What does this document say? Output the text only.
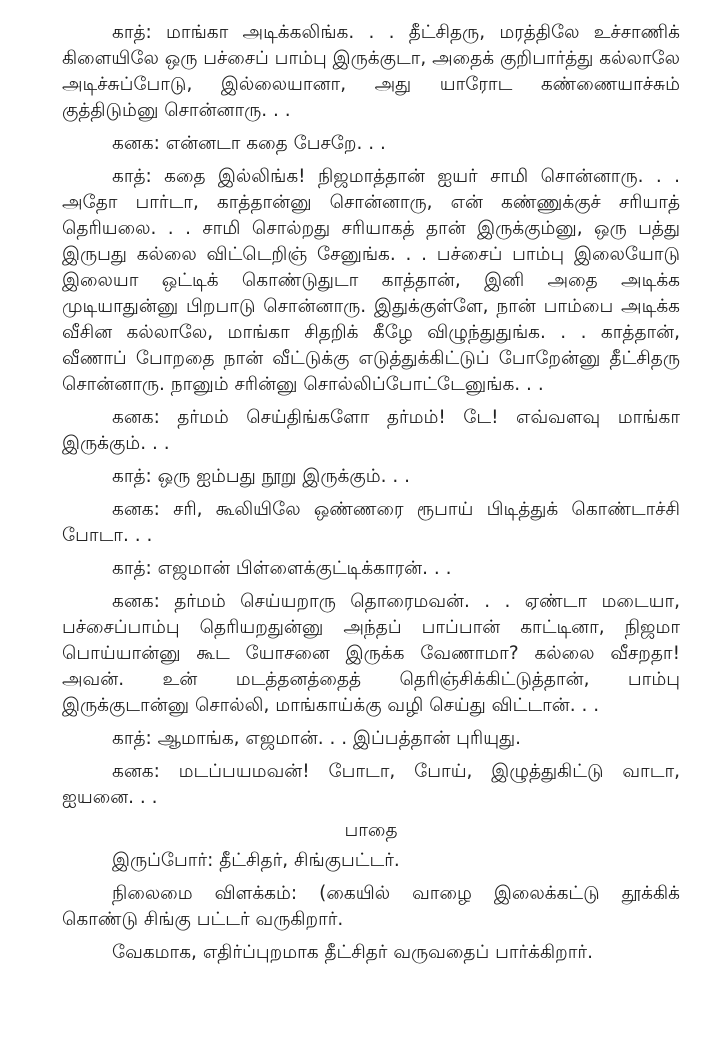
காத்: மாங்கா அடிக்கலிங்க. . . தீட்சிதரு, மரத்திலே உச்சாணிக் கிளையிலே ஒரு பச்சைப் பாம்பு இருக்குடா, அதைக் குறிபார்த்து கல்லாலே அடிச்சுப்போடு, இல்லையானா, அது யாரோட கண்ணையாச்சும் குத்திடும்னு சொன்னாரு. . .

கனக: என்னடா கதை பேசறே. . .

காத்: கதை இல்லிங்க! நிஜமாத்தான் ஐயர் சாமி சொன்னாரு. . . அதோ பார்டா, காத்தான்னு சொன்னாரு, என் கண்ணுக்குச் சரியாத் தெரியலை. . . சாமி சொல்றது சரியாகத் தான் இருக்கும்னு, ஒரு பத்து இருபது கல்லை விட்டெறிஞ் சேனுங்க. . . பச்சைப் பாம்பு இலையோடு இலையா ஒட்டிக் கொண்டுதுடா காத்தான், இனி அதை அடிக்க முடியாதுன்னு பிறபாடு சொன்னாரு. இதுக்குள்ளே, நான் பாம்பை அடிக்க வீசின கல்லாலே, மாங்கா சிதறிக் கீழே விழுந்துதுங்க. . . காத்தான், வீணாப் போறதை நான் வீட்டுக்கு எடுத்துக்கிட்டுப் போறேன்னு தீட்சிதரு சொன்னாரு. நானும் சரின்னு சொல்லிப்போட்டேனுங்க. . .

கனக: தர்மம் செய்திங்களோ தர்மம்! டே! எவ்வளவு மாங்கா இருக்கும். . .

காத்: ஒரு ஐம்பது நூறு இருக்கும். . .

கனக: சரி, கூலியிலே ஒண்ணரை ரூபாய் பிடித்துக் கொண்டாச்சி போடா. . .

காத்: எஜமான் பிள்ளைக்குட்டிக்காரன். . .

கனக: தர்மம் செய்யறாரு தொரைமவன். . . ஏண்டா மடையா, பச்சைப்பாம்பு தெரியறதுன்னு அந்தப் பாப்பான் காட்டினா, நிஜமா பொய்யான்னு கூட யோசனை இருக்க வேணாமா? கல்லை வீசறதா! அவன். உன் மடத்தனத்தைத் தெரிஞ்சிக்கிட்டுத்தான், பாம்பு இருக்குடான்னு சொல்லி, மாங்காய்க்கு வழி செய்து விட்டான். . .

காத்: ஆமாங்க, எஜமான். . . இப்பத்தான் புரியுது.

கனக: மடப்பயமவன்! போடா, போய், இழுத்துகிட்டு வாடா, ஐயனை. . .

பாதை

இருப்போர்: தீட்சிதர், சிங்குபட்டர்.

நிலைமை விளக்கம்: (கையில் வாழை இலைக்கட்டு தூக்கிக் கொண்டு சிங்கு பட்டர் வருகிறார்.

வேகமாக, எதிர்ப்புறமாக தீட்சிதர் வருவதைப் பார்க்கிறார்.
